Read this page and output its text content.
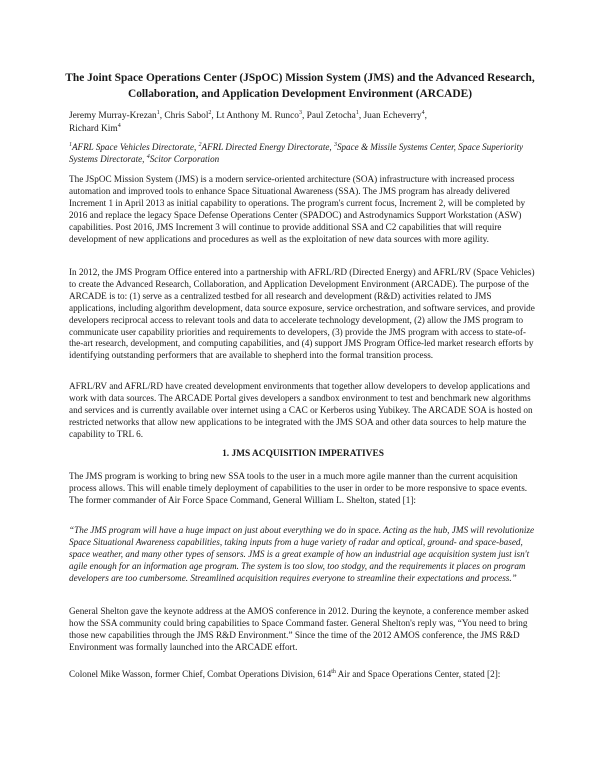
The Joint Space Operations Center (JSpOC) Mission System (JMS) and the Advanced Research, Collaboration, and Application Development Environment (ARCADE)
Jeremy Murray-Krezan$^1$, Chris Sabol$^2$, Lt Anthony M. Runco$^3$, Paul Zetocha$^1$, Juan Echeverry$^4$,
Richard Kim$^4$
$^1$AFRL Space Vehicles Directorate, $^2$AFRL Directed Energy Directorate, $^3$Space & Missile Systems Center, Space Superiority Systems Directorate, $^4$Scitor Corporation

The JSpOC Mission System (JMS) is a modern service-oriented architecture (SOA) infrastructure with increased process automation and improved tools to enhance Space Situational Awareness (SSA). The JMS program has already delivered Increment 1 in April 2013 as initial capability to operations. The program's current focus, Increment 2, will be completed by 2016 and replace the legacy Space Defense Operations Center (SPADOC) and Astrodynamics Support Workstation (ASW) capabilities. Post 2016, JMS Increment 3 will continue to provide additional SSA and C2 capabilities that will require development of new applications and procedures as well as the exploitation of new data sources with more agility.

In 2012, the JMS Program Office entered into a partnership with AFRL/RD (Directed Energy) and AFRL/RV (Space Vehicles) to create the Advanced Research, Collaboration, and Application Development Environment (ARCADE). The purpose of the ARCADE is to: (1) serve as a centralized testbed for all research and development (R&D) activities related to JMS applications, including algorithm development, data source exposure, service orchestration, and software services, and provide developers reciprocal access to relevant tools and data to accelerate technology development, (2) allow the JMS program to communicate user capability priorities and requirements to developers, (3) provide the JMS program with access to state-of-the-art research, development, and computing capabilities, and (4) support JMS Program Office-led market research efforts by identifying outstanding performers that are available to shepherd into the formal transition process.

AFRL/RV and AFRL/RD have created development environments that together allow developers to develop applications and work with data sources. The ARCADE Portal gives developers a sandbox environment to test and benchmark new algorithms and services and is currently available over internet using a CAC or Kerberos using Yubikey. The ARCADE SOA is hosted on restricted networks that allow new applications to be integrated with the JMS SOA and other data sources to help mature the capability to TRL 6.

1. JMS ACQUISITION IMPERATIVES

The JMS program is working to bring new SSA tools to the user in a much more agile manner than the current acquisition process allows. This will enable timely deployment of capabilities to the user in order to be more responsive to space events. The former commander of Air Force Space Command, General William L. Shelton, stated [1]:

“The JMS program will have a huge impact on just about everything we do in space. Acting as the hub, JMS will revolutionize Space Situational Awareness capabilities, taking inputs from a huge variety of radar and optical, ground- and space-based, space weather, and many other types of sensors. JMS is a great example of how an industrial age acquisition system just isn't agile enough for an information age program. The system is too slow, too stodgy, and the requirements it places on program developers are too cumbersome. Streamlined acquisition requires everyone to streamline their expectations and process.”

General Shelton gave the keynote address at the AMOS conference in 2012. During the keynote, a conference member asked how the SSA community could bring capabilities to Space Command faster. General Shelton's reply was, “You need to bring those new capabilities through the JMS R&D Environment.” Since the time of the 2012 AMOS conference, the JMS R&D Environment was formally launched into the ARCADE effort.

Colonel Mike Wasson, former Chief, Combat Operations Division, 614th Air and Space Operations Center, stated [2]:
